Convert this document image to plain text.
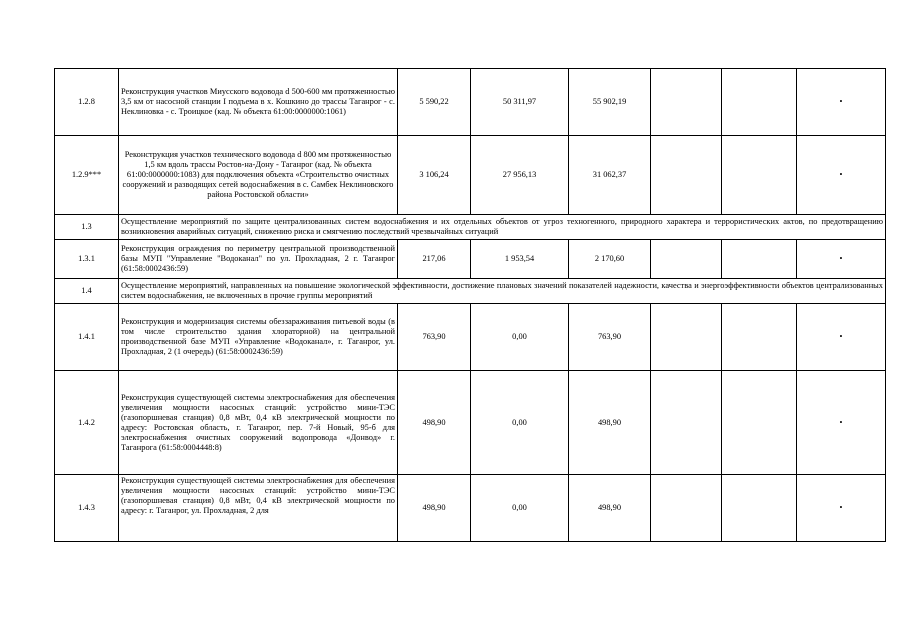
1.2.8	Реконструкция участков Миусского водовода d 500-600 мм протяженностью 3,5 км от насосной станции I подъема в х. Кошкино до трассы Таганрог - с. Неклиновка - с. Троицкое (кад. № объекта 61:00:0000000:1061)	5 590,22	50 311,97	55 902,19			•
1.2.9***	Реконструкция участков технического водовода d 800 мм протяженностью 1,5 км вдоль трассы Ростов-на-Дону - Таганрог (кад. № объекта 61:00:0000000:1083) для подключения объекта «Строительство очистных сооружений и разводящих сетей водоснабжения в с. Самбек Неклиновского района Ростовской области»	3 106,24	27 956,13	31 062,37			•
1.3	Осуществление мероприятий по защите централизованных систем водоснабжения и их отдельных объектов от угроз техногенного, природного характера и террористических актов, по предотвращению возникновения аварийных ситуаций, снижению риска и смягчению последствий чрезвычайных ситуаций						
1.3.1	Реконструкция ограждения по периметру центральной производственной базы МУП "Управление "Водоканал" по ул. Прохладная, 2 г. Таганрог (61:58:0002436:59)	217,06	1 953,54	2 170,60			•
1.4	Осуществление мероприятий, направленных на повышение экологической эффективности, достижение плановых значений показателей надежности, качества и энергоэффективности объектов централизованных систем водоснабжения, не включенных в прочие группы мероприятий						
1.4.1	Реконструкция и модернизация системы обеззараживания питьевой воды (в том числе строительство здания хлораторной) на центральной производственной базе МУП «Управление «Водоканал», г. Таганрог, ул. Прохладная, 2 (1 очередь) (61:58:0002436:59)	763,90	0,00	763,90			•
1.4.2	Реконструкция существующей системы электроснабжения для обеспечения увеличения мощности насосных станций: устройство мини-ТЭС (газопоршневая станция) 0,8 мВт, 0,4 кВ электрической мощности по адресу: Ростовская область, г. Таганрог, пер. 7-й Новый, 95-б для электроснабжения очистных сооружений водопровода «Донвод» г. Таганрога (61:58:0004448:8)	498,90	0,00	498,90			•
1.4.3	Реконструкция существующей системы электроснабжения для обеспечения увеличения мощности насосных станций: устройство мини-ТЭС (газопоршневая станция) 0,8 мВт, 0,4 кВ электрической мощности по адресу: г. Таганрог, ул. Прохладная, 2 для	498,90	0,00	498,90			•
